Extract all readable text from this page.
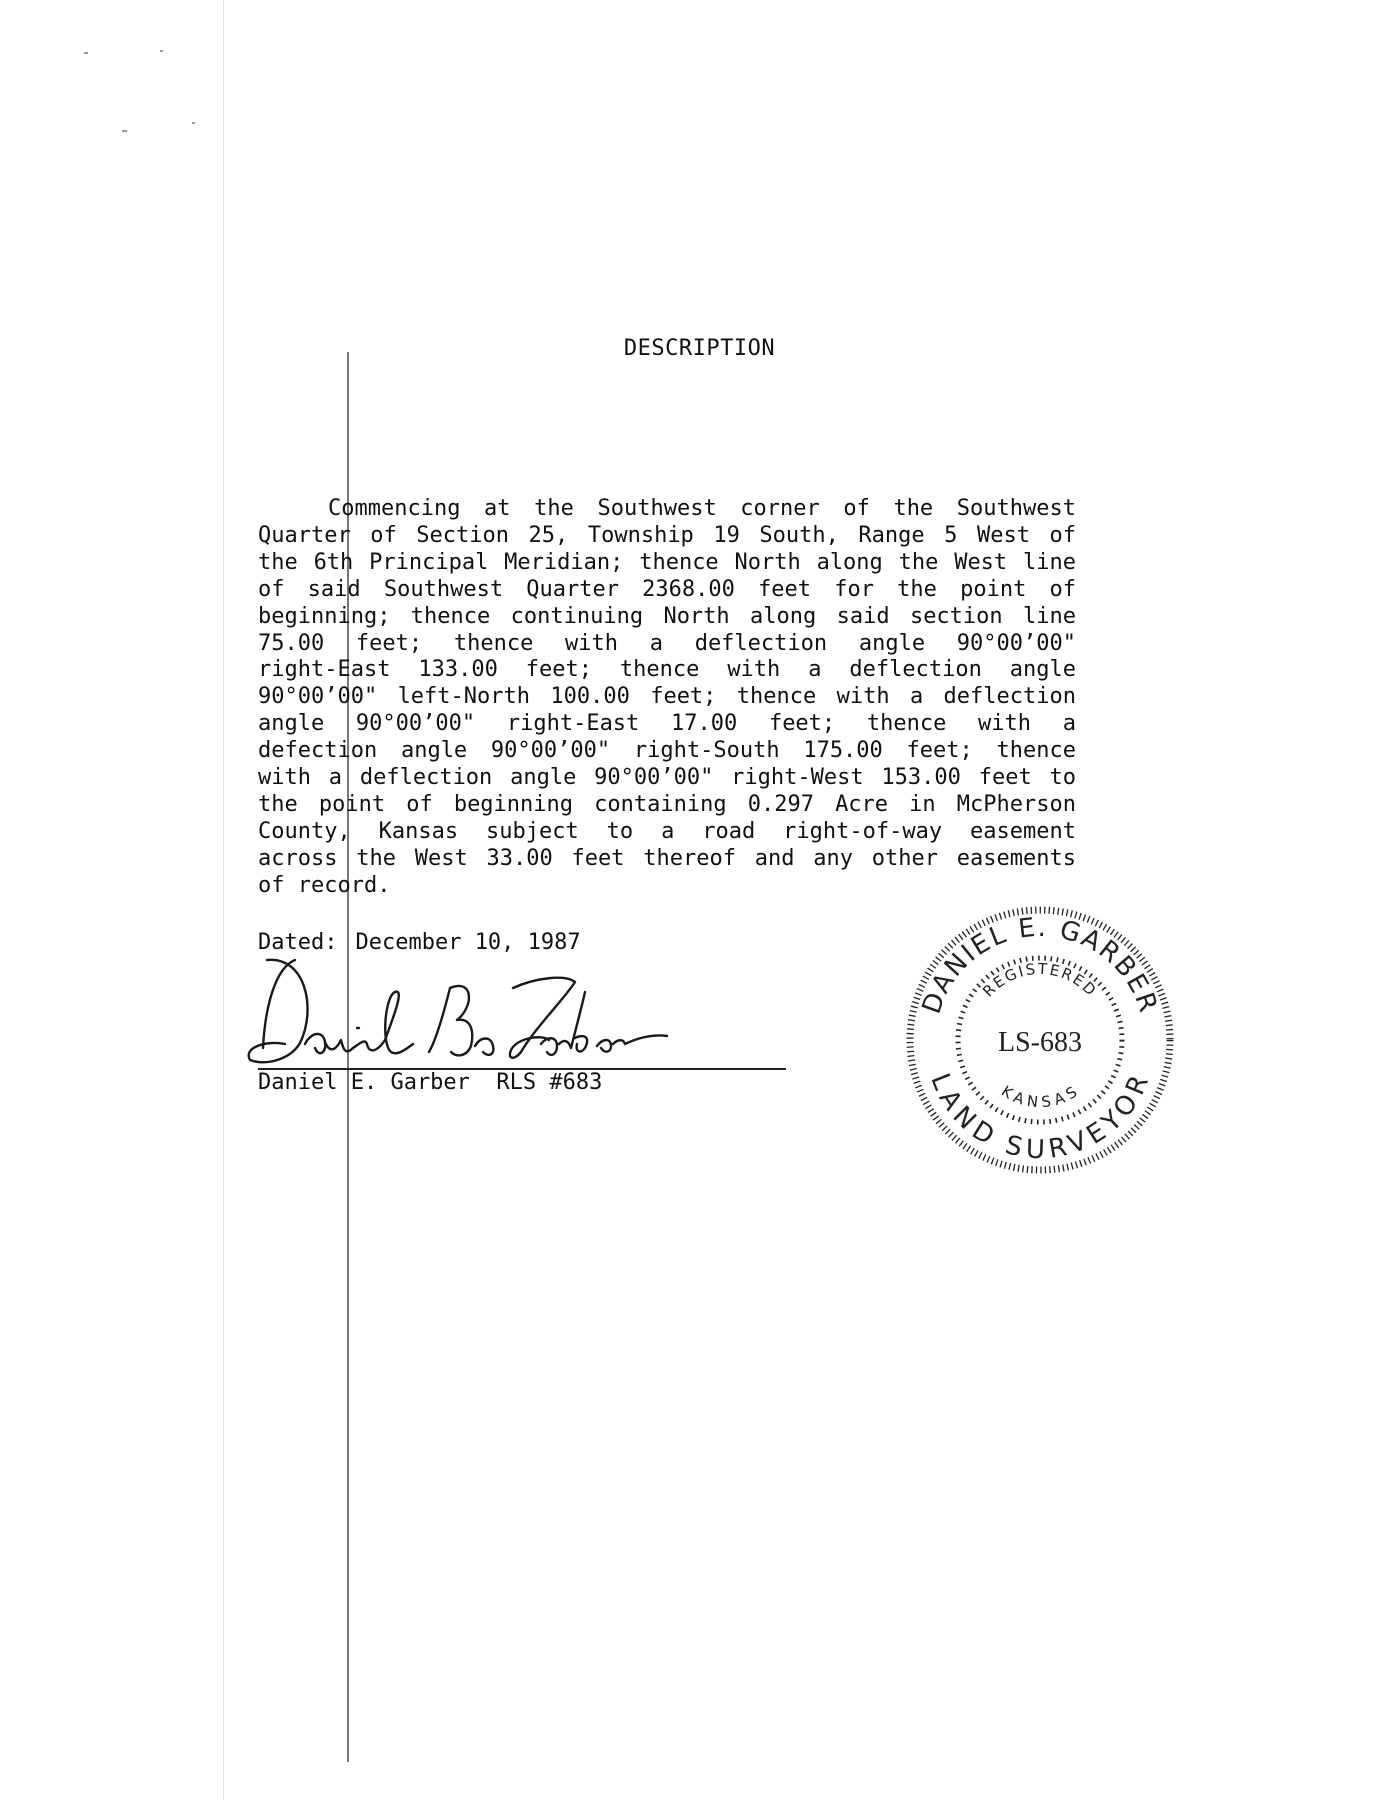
DESCRIPTION
Commencing at the Southwest corner of the Southwest
Quarter of Section 25, Township 19 South, Range 5 West of
the 6th Principal Meridian; thence North along the West line
of said Southwest Quarter 2368.00 feet for the point of
beginning; thence continuing North along said section line
75.00 feet; thence with a deflection angle 90°00’00"
right-East 133.00 feet; thence with a deflection angle
90°00’00" left-North 100.00 feet; thence with a deflection
angle 90°00’00" right-East 17.00 feet; thence with a
defection angle 90°00’00" right-South 175.00 feet; thence
with a deflection angle 90°00’00" right-West 153.00 feet to
the point of beginning containing 0.297 Acre in McPherson
County, Kansas subject to a road right-of-way easement
across the West 33.00 feet thereof and any other easements
of record.
Dated: December 10, 1987
Daniel E. Garber RLS #683
DANIEL E. GARBER
LAND SURVEYOR
REGISTERED
KANSAS
LS-683
